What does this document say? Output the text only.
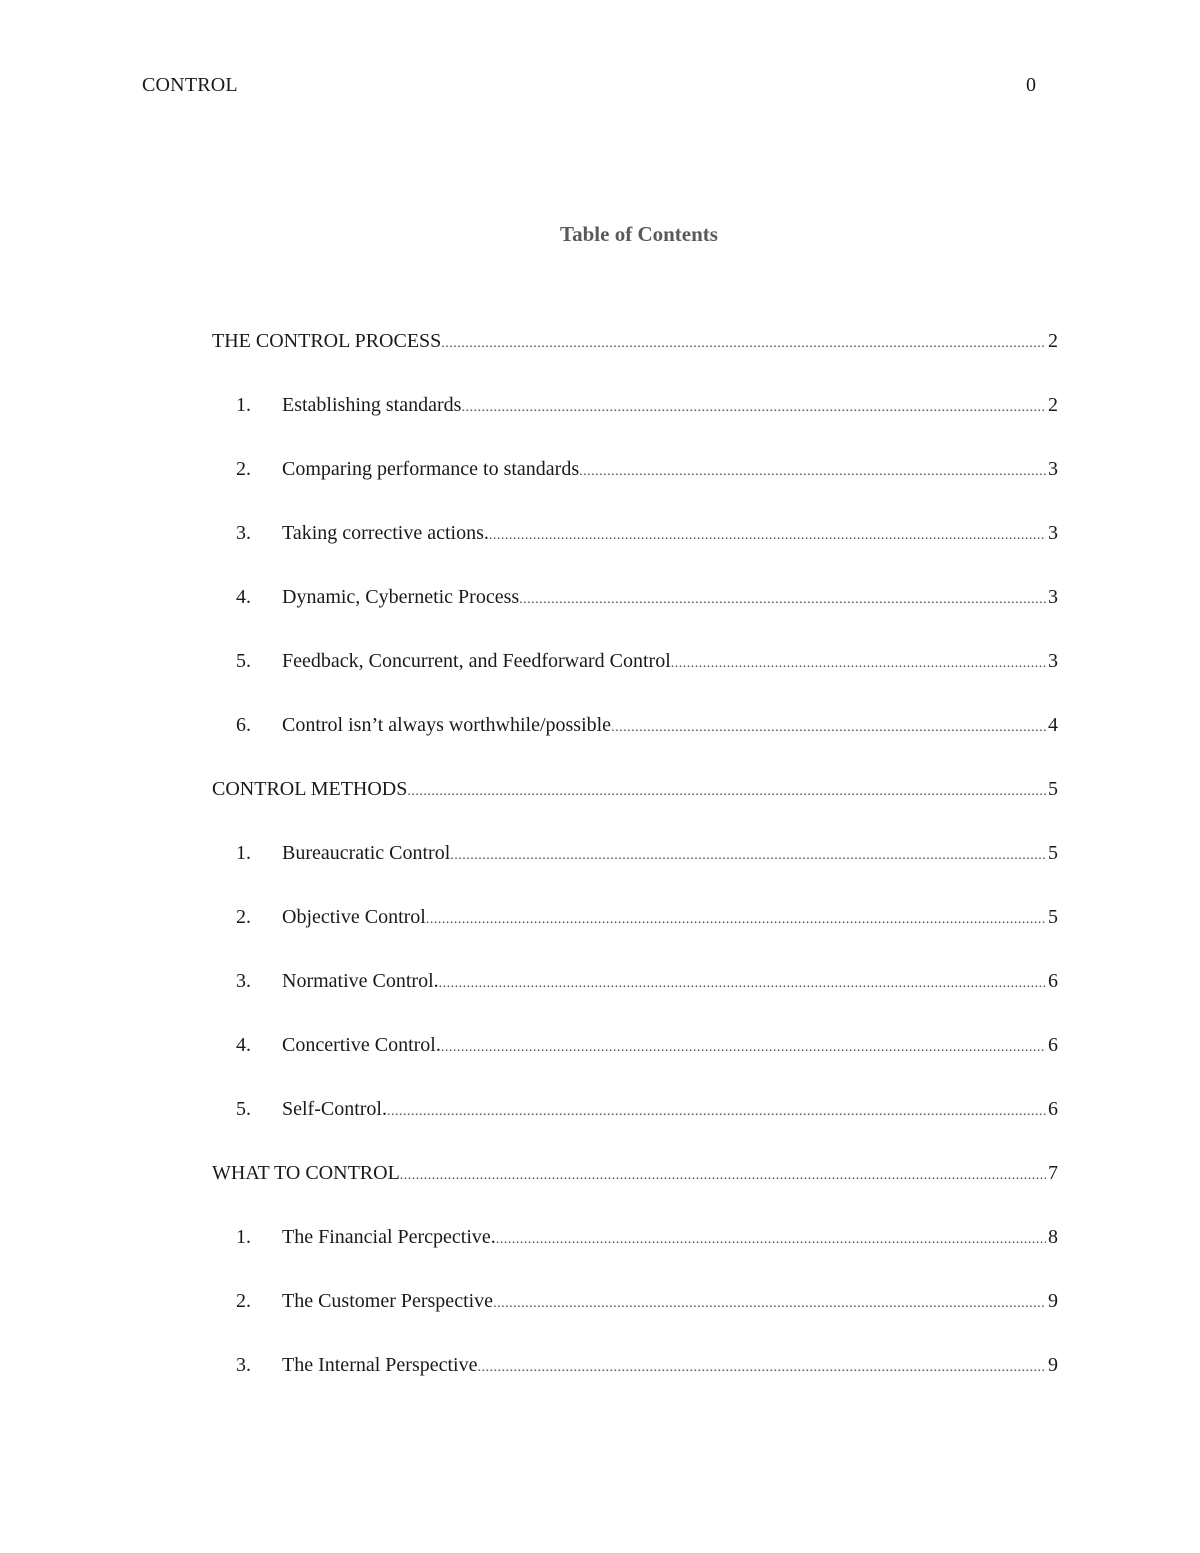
CONTROL	0
Table of Contents
THE CONTROL PROCESS .....	2
1.	Establishing standards .....	2
2.	Comparing performance to standards .....	3
3.	Taking corrective actions. .....	3
4.	Dynamic, Cybernetic Process .....	3
5.	Feedback, Concurrent, and Feedforward Control .....	3
6.	Control isn’t always worthwhile/possible .....	4
CONTROL METHODS .....	5
1.	Bureaucratic Control .....	5
2.	Objective Control .....	5
3.	Normative Control. .....	6
4.	Concertive Control. .....	6
5.	Self-Control. .....	6
WHAT TO CONTROL .....	7
1.	The Financial Percpective. .....	8
2.	The Customer Perspective .....	9
3.	The Internal Perspective .....	9
